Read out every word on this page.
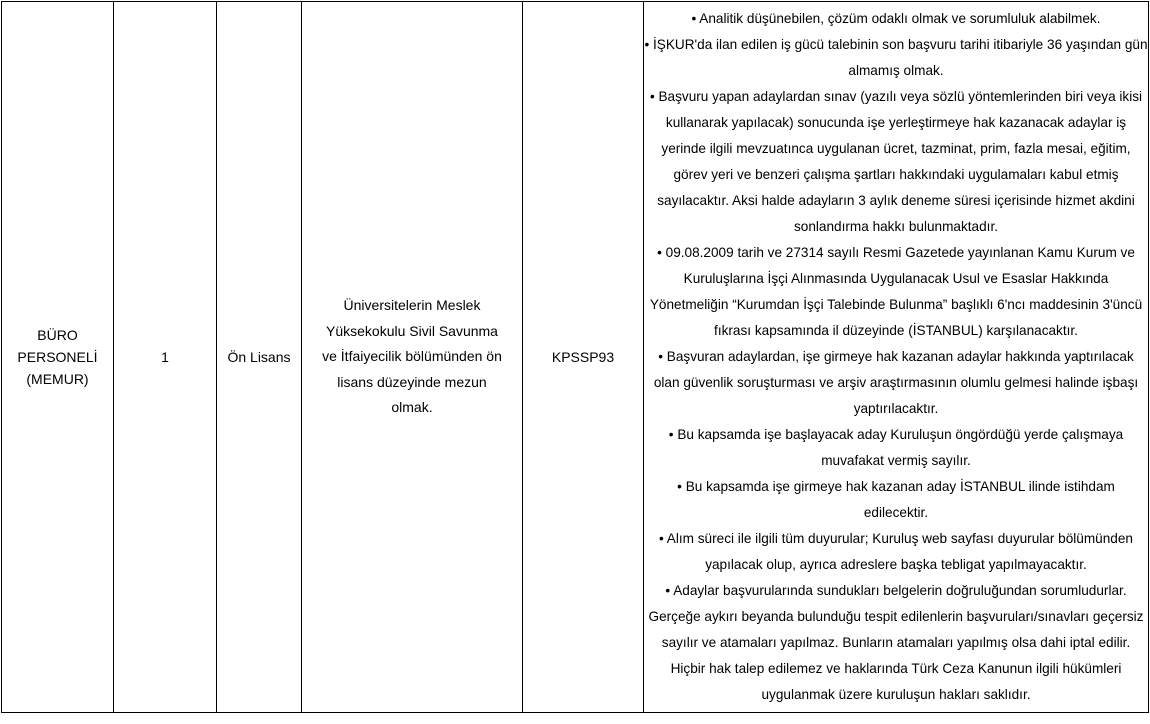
BÜRO PERSONELİ (MEMUR)

1	Ön Lisans

Üniversitelerin Meslek Yüksekokulu Sivil Savunma ve İtfaiyecilik bölümünden ön lisans düzeyinde mezun olmak.

KPSSP93

• Analitik düşünebilen, çözüm odaklı olmak ve sorumluluk alabilmek.
• İŞKUR'da ilan edilen iş gücü talebinin son başvuru tarihi itibariyle 36 yaşından gün almamış olmak.
• Başvuru yapan adaylardan sınav (yazılı veya sözlü yöntemlerinden biri veya ikisi kullanarak yapılacak) sonucunda işe yerleştirmeye hak kazanacak adaylar iş yerinde ilgili mevzuatınca uygulanan ücret, tazminat, prim, fazla mesai, eğitim, görev yeri ve benzeri çalışma şartları hakkındaki uygulamaları kabul etmiş sayılacaktır. Aksi halde adayların 3 aylık deneme süresi içerisinde hizmet akdini sonlandırma hakkı bulunmaktadır.
• 09.08.2009 tarih ve 27314 sayılı Resmi Gazetede yayınlanan Kamu Kurum ve Kuruluşlarına İşçi Alınmasında Uygulanacak Usul ve Esaslar Hakkında Yönetmeliğin “Kurumdan İşçi Talebinde Bulunma” başlıklı 6'ncı maddesinin 3'üncü fıkrası kapsamında il düzeyinde (İSTANBUL) karşılanacaktır.
• Başvuran adaylardan, işe girmeye hak kazanan adaylar hakkında yaptırılacak olan güvenlik soruşturması ve arşiv araştırmasının olumlu gelmesi halinde işbaşı yaptırılacaktır.
• Bu kapsamda işe başlayacak aday Kuruluşun öngördüğü yerde çalışmaya muvafakat vermiş sayılır.
• Bu kapsamda işe girmeye hak kazanan aday İSTANBUL ilinde istihdam edilecektir.
• Alım süreci ile ilgili tüm duyurular; Kuruluş web sayfası duyurular bölümünden yapılacak olup, ayrıca adreslere başka tebligat yapılmayacaktır.
• Adaylar başvurularında sundukları belgelerin doğruluğundan sorumludurlar. Gerçeğe aykırı beyanda bulunduğu tespit edilenlerin başvuruları/sınavları geçersiz sayılır ve atamaları yapılmaz. Bunların atamaları yapılmış olsa dahi iptal edilir. Hiçbir hak talep edilemez ve haklarında Türk Ceza Kanunun ilgili hükümleri uygulanmak üzere kuruluşun hakları saklıdır.
